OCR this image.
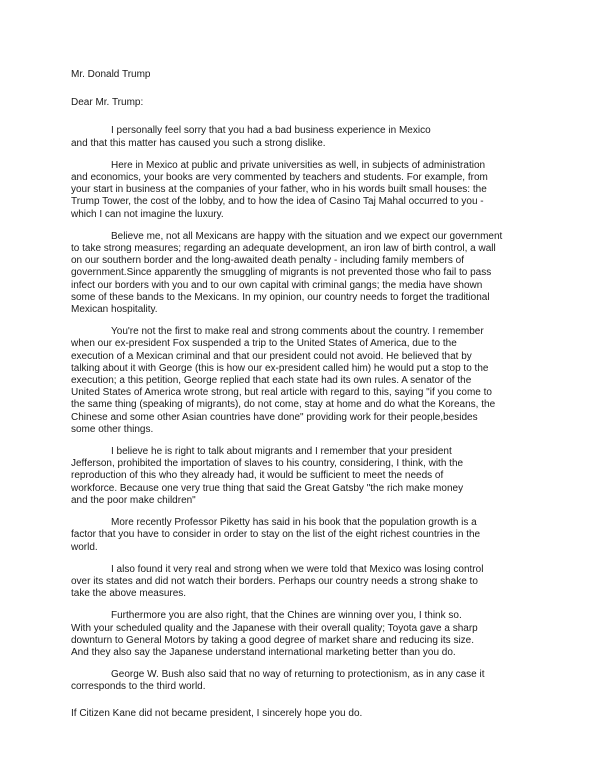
Mr. Donald Trump

Dear Mr. Trump:

I personally feel sorry that you had a bad business experience in Mexico
and that this matter has caused you such a strong dislike.

Here in Mexico at public and private universities as well, in subjects of administration
and economics, your books are very commented by teachers and students. For example, from
your start in business at the companies of your father, who in his words built small houses: the
Trump Tower, the cost of the lobby, and to how the idea of Casino Taj Mahal occurred to you -
which I can not imagine the luxury.

Believe me, not all Mexicans are happy with the situation and we expect our government
to take strong measures; regarding an adequate development, an iron law of birth control, a wall
on our southern border and the long-awaited death penalty - including family members of
government.Since apparently the smuggling of migrants is not prevented those who fail to pass
infect our borders with you and to our own capital with criminal gangs; the media have shown
some of these bands to the Mexicans. In my opinion, our country needs to forget the traditional
Mexican hospitality.

You're not the first to make real and strong comments about the country. I remember
when our ex-president Fox suspended a trip to the United States of America, due to the
execution of a Mexican criminal and that our president could not avoid. He believed that by
talking about it with George (this is how our ex-president called him) he would put a stop to the
execution; a this petition, George replied that each state had its own rules. A senator of the
United States of America wrote strong, but real article with regard to this, saying "if you come to
the same thing (speaking of migrants), do not come, stay at home and do what the Koreans, the
Chinese and some other Asian countries have done" providing work for their people,besides
some other things.

I believe he is right to talk about migrants and I remember that your president
Jefferson, prohibited the importation of slaves to his country, considering, I think, with the
reproduction of this who they already had, it would be sufficient to meet the needs of
workforce. Because one very true thing that said the Great Gatsby "the rich make money
and the poor make children"

More recently Professor Piketty has said in his book that the population growth is a
factor that you have to consider in order to stay on the list of the eight richest countries in the
world.

I also found it very real and strong when we were told that Mexico was losing control
over its states and did not watch their borders. Perhaps our country needs a strong shake to
take the above measures.

Furthermore you are also right, that the Chines are winning over you, I think so.
With your scheduled quality and the Japanese with their overall quality; Toyota gave a sharp
downturn to General Motors by taking a good degree of market share and reducing its size.
And they also say the Japanese understand international marketing better than you do.

George W. Bush also said that no way of returning to protectionism, as in any case it
corresponds to the third world.

If Citizen Kane did not became president, I sincerely hope you do.
